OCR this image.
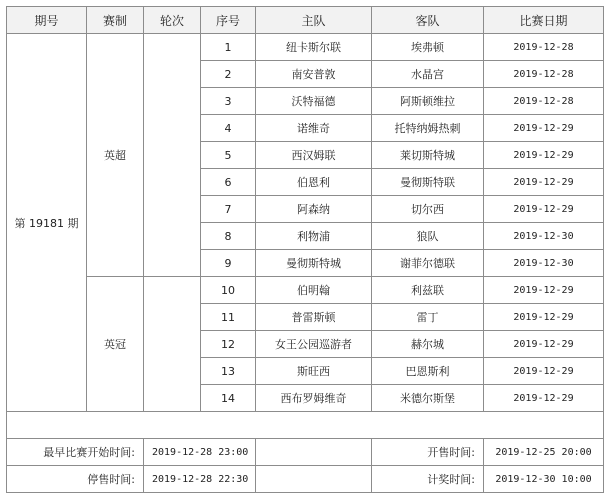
期号	赛制	轮次	序号	主队	客队	比赛日期
第 19181 期	英超		1	纽卡斯尔联	埃弗顿	2019-12-28
			2	南安普敦	水晶宫	2019-12-28
			3	沃特福德	阿斯顿维拉	2019-12-28
			4	诺维奇	托特纳姆热刺	2019-12-29
			5	西汉姆联	莱切斯特城	2019-12-29
			6	伯恩利	曼彻斯特联	2019-12-29
			7	阿森纳	切尔西	2019-12-29
			8	利物浦	狼队	2019-12-30
			9	曼彻斯特城	谢菲尔德联	2019-12-30
	英冠		10	伯明翰	利兹联	2019-12-29
			11	普雷斯顿	雷丁	2019-12-29
			12	女王公园巡游者	赫尔城	2019-12-29
			13	斯旺西	巴恩斯利	2019-12-29
			14	西布罗姆维奇	米德尔斯堡	2019-12-29

最早比赛开始时间:		2019-12-28 23:00			开售时间:	2019-12-25 20:00
停售时间:		2019-12-28 22:30			计奖时间:	2019-12-30 10:00
